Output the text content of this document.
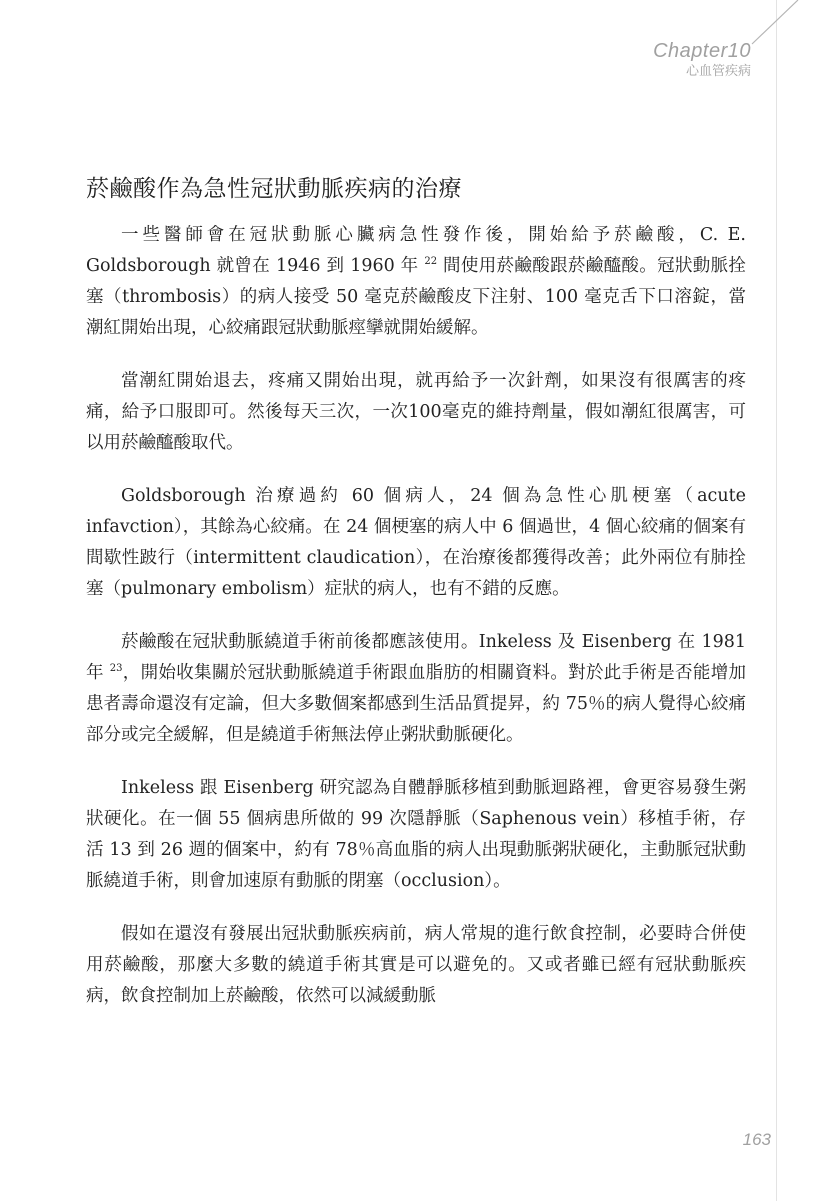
Chapter10
心血管疾病
菸鹼酸作為急性冠狀動脈疾病的治療

一些醫師會在冠狀動脈心臟病急性發作後，開始給予菸鹼酸，C. E. Goldsborough 就曾在 1946 到 1960 年 $^{22}$ 間使用菸鹼酸跟菸鹼醯酸。冠狀動脈拴塞（thrombosis）的病人接受 50 毫克菸鹼酸皮下注射、100 毫克舌下口溶錠，當潮紅開始出現，心絞痛跟冠狀動脈痙攣就開始緩解。

當潮紅開始退去，疼痛又開始出現，就再給予一次針劑，如果沒有很厲害的疼痛，給予口服即可。然後每天三次，一次100毫克的維持劑量，假如潮紅很厲害，可以用菸鹼醯酸取代。

Goldsborough 治療過約 60 個病人，24 個為急性心肌梗塞（acute infavction），其餘為心絞痛。在 24 個梗塞的病人中 6 個過世，4 個心絞痛的個案有間歇性跛行（intermittent claudication），在治療後都獲得改善；此外兩位有肺拴塞（pulmonary embolism）症狀的病人，也有不錯的反應。

菸鹼酸在冠狀動脈繞道手術前後都應該使用。Inkeless 及 Eisenberg 在 1981 年 $^{23}$，開始收集關於冠狀動脈繞道手術跟血脂肪的相關資料。對於此手術是否能增加患者壽命還沒有定論，但大多數個案都感到生活品質提昇，約 75％的病人覺得心絞痛部分或完全緩解，但是繞道手術無法停止粥狀動脈硬化。

Inkeless 跟 Eisenberg 研究認為自體靜脈移植到動脈迴路裡，會更容易發生粥狀硬化。在一個 55 個病患所做的 99 次隱靜脈（Saphenous vein）移植手術，存活 13 到 26 週的個案中，約有 78％高血脂的病人出現動脈粥狀硬化，主動脈冠狀動脈繞道手術，則會加速原有動脈的閉塞（occlusion）。

假如在還沒有發展出冠狀動脈疾病前，病人常規的進行飲食控制，必要時合併使用菸鹼酸，那麼大多數的繞道手術其實是可以避免的。又或者雖已經有冠狀動脈疾病，飲食控制加上菸鹼酸，依然可以減緩動脈

163
